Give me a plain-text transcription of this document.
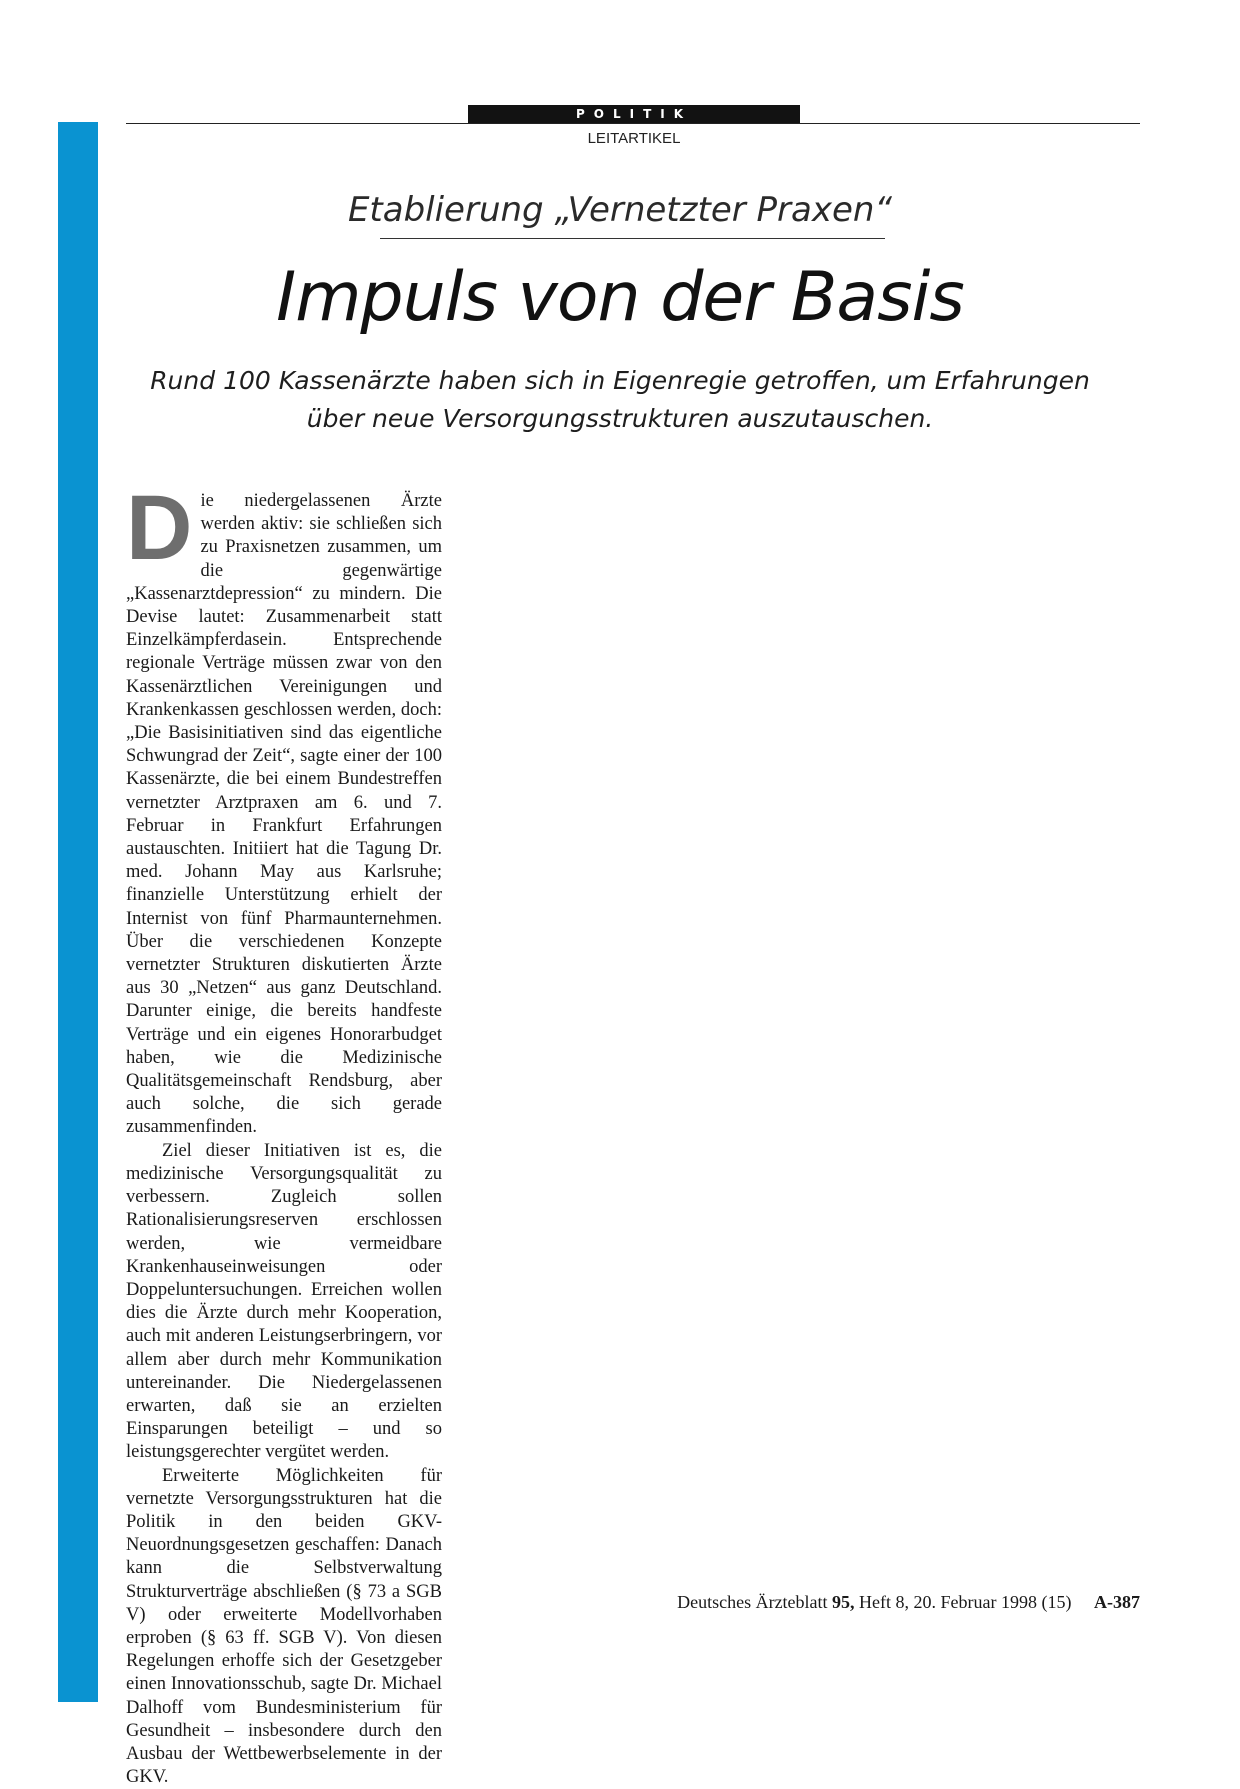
POLITIK
LEITARTIKEL
Etablierung „Vernetzter Praxen“
Impuls von der Basis
Rund 100 Kassenärzte haben sich in Eigenregie getroffen, um Erfahrungen über neue Versorgungsstrukturen auszutauschen.

Die niedergelassenen Ärzte werden aktiv: sie schließen sich zu Praxisnetzen zusammen, um die gegenwärtige „Kassenarztdepression“ zu mindern. Die Devise lautet: Zusammenarbeit statt Einzelkämpferdasein. Entsprechende regionale Verträge müssen zwar von den Kassenärztlichen Vereinigungen und Krankenkassen geschlossen werden, doch: „Die Basisinitiativen sind das eigentliche Schwungrad der Zeit“, sagte einer der 100 Kassenärzte, die bei einem Bundestreffen vernetzter Arztpraxen am 6. und 7. Februar in Frankfurt Erfahrungen austauschten. Initiiert hat die Tagung Dr. med. Johann May aus Karlsruhe; finanzielle Unterstützung erhielt der Internist von fünf Pharmaunternehmen. Über die verschiedenen Konzepte vernetzter Strukturen diskutierten Ärzte aus 30 „Netzen“ aus ganz Deutschland. Darunter einige, die bereits handfeste Verträge und ein eigenes Honorarbudget haben, wie die Medizinische Qualitätsgemeinschaft Rendsburg, aber auch solche, die sich gerade zusammenfinden.

Ziel dieser Initiativen ist es, die medizinische Versorgungsqualität zu verbessern. Zugleich sollen Rationalisierungsreserven erschlossen werden, wie vermeidbare Krankenhauseinweisungen oder Doppeluntersuchungen. Erreichen wollen dies die Ärzte durch mehr Kooperation, auch mit anderen Leistungserbringern, vor allem aber durch mehr Kommunikation untereinander. Die Niedergelassenen erwarten, daß sie an erzielten Einsparungen beteiligt – und so leistungsgerechter vergütet werden.

Erweiterte Möglichkeiten für vernetzte Versorgungsstrukturen hat die Politik in den beiden GKV-Neuordnungsgesetzen geschaffen: Danach kann die Selbstverwaltung Strukturverträge abschließen (§ 73 a SGB V) oder erweiterte Modellvorhaben erproben (§ 63 ff. SGB V). Von diesen Regelungen erhoffe sich der Gesetzgeber einen Innovationsschub, sagte Dr. Michael Dalhoff vom Bundesministerium für Gesundheit – insbesondere durch den Ausbau der Wettbewerbselemente in der GKV.

Deutsches Ärzteblatt 95, Heft 8, 20. Februar 1998 (15) A-387
